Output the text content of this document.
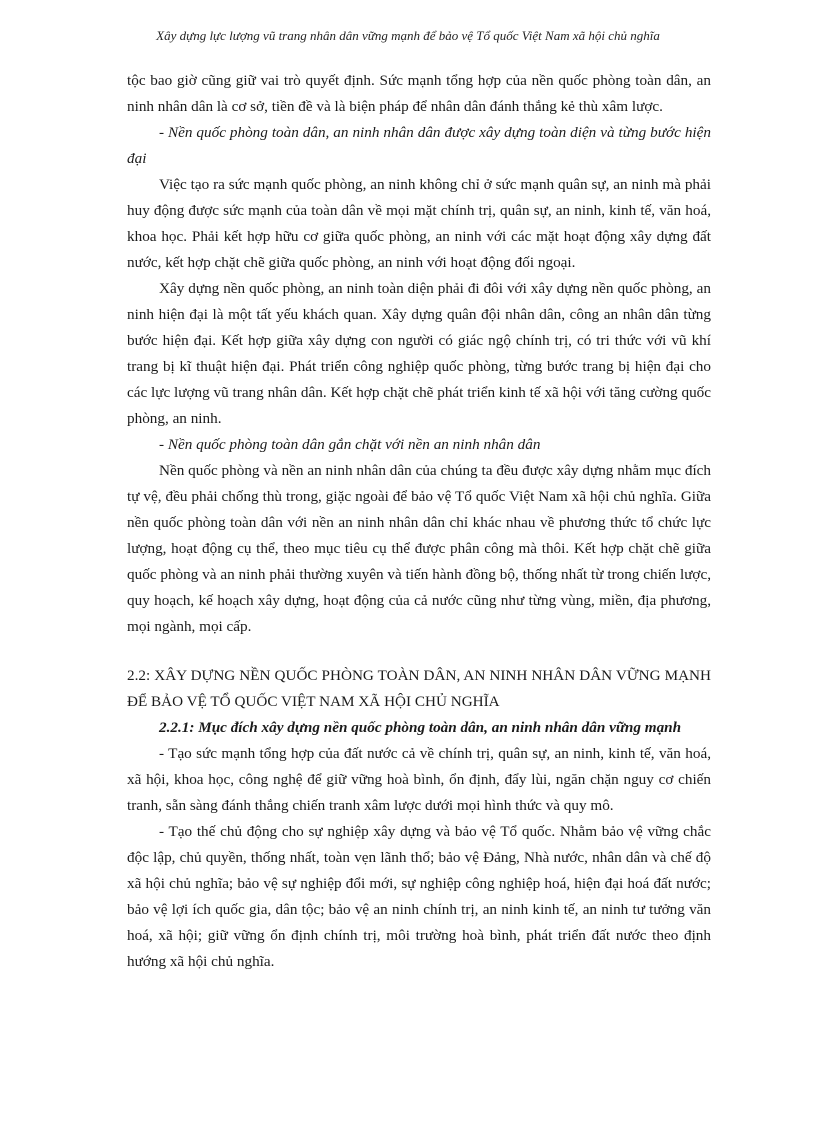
Xây dựng lực lượng vũ trang nhân dân vững mạnh để bảo vệ Tổ quốc Việt Nam xã hội chủ nghĩa

tộc bao giờ cũng giữ vai trò quyết định. Sức mạnh tổng hợp của nền quốc phòng toàn dân, an ninh nhân dân là cơ sở, tiền đề và là biện pháp để nhân dân đánh thắng kẻ thù xâm lược.

- Nền quốc phòng toàn dân, an ninh nhân dân được xây dựng toàn diện và từng bước hiện đại

Việc tạo ra sức mạnh quốc phòng, an ninh không chỉ ở sức mạnh quân sự, an ninh mà phải huy động được sức mạnh của toàn dân về mọi mặt chính trị, quân sự, an ninh, kinh tế, văn hoá, khoa học. Phải kết hợp hữu cơ giữa quốc phòng, an ninh với các mặt hoạt động xây dựng đất nước, kết hợp chặt chẽ giữa quốc phòng, an ninh với hoạt động đối ngoại.

Xây dựng nền quốc phòng, an ninh toàn diện phải đi đôi với xây dựng nền quốc phòng, an ninh hiện đại là một tất yếu khách quan. Xây dựng quân đội nhân dân, công an nhân dân từng bước hiện đại. Kết hợp giữa xây dựng con người có giác ngộ chính trị, có tri thức với vũ khí trang bị kĩ thuật hiện đại. Phát triển công nghiệp quốc phòng, từng bước trang bị hiện đại cho các lực lượng vũ trang nhân dân. Kết hợp chặt chẽ phát triển kinh tế xã hội với tăng cường quốc phòng, an ninh.

- Nền quốc phòng toàn dân gắn chặt với nền an ninh nhân dân

Nền quốc phòng và nền an ninh nhân dân của chúng ta đều được xây dựng nhằm mục đích tự vệ, đều phải chống thù trong, giặc ngoài để bảo vệ Tổ quốc Việt Nam xã hội chủ nghĩa. Giữa nền quốc phòng toàn dân với nền an ninh nhân dân chỉ khác nhau về phương thức tổ chức lực lượng, hoạt động cụ thể, theo mục tiêu cụ thể được phân công mà thôi. Kết hợp chặt chẽ giữa quốc phòng và an ninh phải thường xuyên và tiến hành đồng bộ, thống nhất từ trong chiến lược, quy hoạch, kế hoạch xây dựng, hoạt động của cả nước cũng như từng vùng, miền, địa phương, mọi ngành, mọi cấp.

2.2: XÂY DỰNG NỀN QUỐC PHÒNG TOÀN DÂN, AN NINH NHÂN DÂN VỮNG MẠNH ĐỂ BẢO VỆ TỔ QUỐC VIỆT NAM XÃ HỘI CHỦ NGHĨA

2.2.1: Mục đích xây dựng nền quốc phòng toàn dân, an ninh nhân dân vững mạnh

- Tạo sức mạnh tổng hợp của đất nước cả về chính trị, quân sự, an ninh, kinh tế, văn hoá, xã hội, khoa học, công nghệ để giữ vững hoà bình, ổn định, đẩy lùi, ngăn chặn nguy cơ chiến tranh, sẵn sàng đánh thắng chiến tranh xâm lược dưới mọi hình thức và quy mô.

- Tạo thế chủ động cho sự nghiệp xây dựng và bảo vệ Tổ quốc. Nhằm bảo vệ vững chắc độc lập, chủ quyền, thống nhất, toàn vẹn lãnh thổ; bảo vệ Đảng, Nhà nước, nhân dân và chế độ xã hội chủ nghĩa; bảo vệ sự nghiệp đổi mới, sự nghiệp công nghiệp hoá, hiện đại hoá đất nước; bảo vệ lợi ích quốc gia, dân tộc; bảo vệ an ninh chính trị, an ninh kinh tế, an ninh tư tưởng văn hoá, xã hội; giữ vững ổn định chính trị, môi trường hoà bình, phát triển đất nước theo định hướng xã hội chủ nghĩa.
